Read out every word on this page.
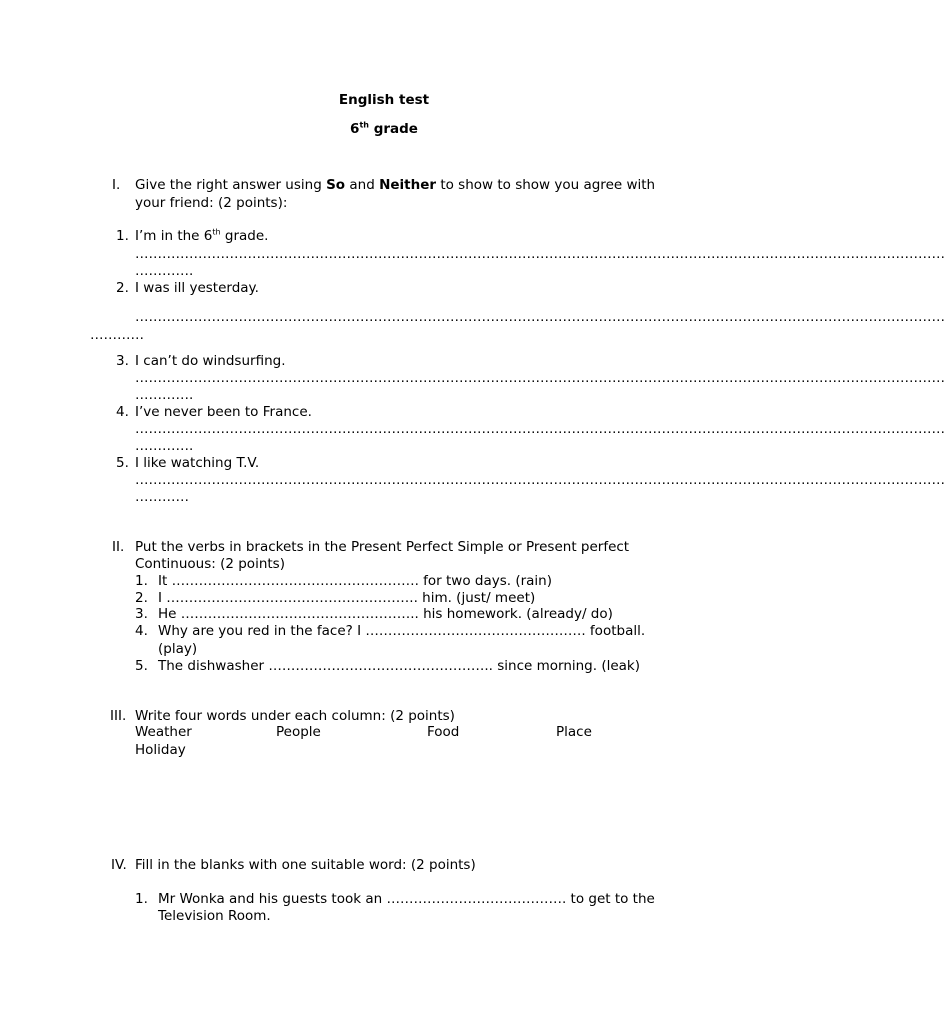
English test
6th grade
I. Give the right answer using So and Neither to show to show you agree with
your friend: (2 points):
1. I’m in the 6th grade.
………………………………………………………………………………………………………………………………………………………………
………….
2. I was ill yesterday.
………………………………………………………………………………………………………………………………………………………………
…………
3. I can’t do windsurfing.
………………………………………………………………………………………………………………………………………………………………
………….
4. I’ve never been to France.
………………………………………………………………………………………………………………………………………………………………
………….
5. I like watching T.V.
………………………………………………………………………………………………………………………………………………………………
…………
II. Put the verbs in brackets in the Present Perfect Simple or Present perfect
Continuous: (2 points)
1. It ………………………………………………. for two days. (rain)
2. I ……………………………………………….. him. (just/ meet)
3. He …………………………………………….. his homework. (already/ do)
4. Why are you red in the face? I …………………………………………. football.
(play)
5. The dishwasher ………………………………………….. since morning. (leak)
III. Write four words under each column: (2 points)
Weather	People	Food	Place
Holiday
IV. Fill in the blanks with one suitable word: (2 points)
1. Mr Wonka and his guests took an …………………………………. to get to the
Television Room.
